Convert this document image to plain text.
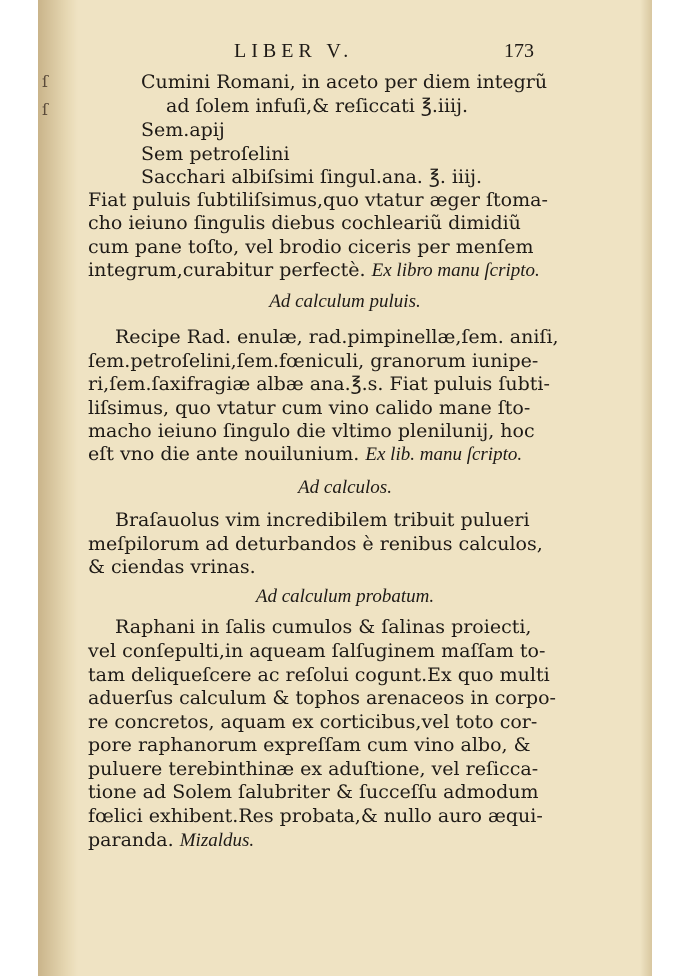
ſ
ſ
LIBER V.	173
Cumini Romani, in aceto per diem integrũ
ad ſolem infuſi,& reſiccati ℥.iiij.
Sem.apij
Sem petroſelini
Sacchari albiſsimi ſingul.ana. ℥. iiij.
Fiat puluis ſubtiliſsimus,quo vtatur æger ſtoma-
cho ieiuno ſingulis diebus cochleariũ dimidiũ
cum pane toſto, vel brodio ciceris per menſem
integrum,curabitur perfectè. Ex libro manu ſcripto.
Ad calculum puluis.
Recipe Rad. enulæ, rad.pimpinellæ,ſem. aniſi,
ſem.petroſelini,ſem.fœniculi, granorum iunipe-
ri,ſem.ſaxifragiæ albæ ana.℥.s. Fiat puluis ſubti-
liſsimus, quo vtatur cum vino calido mane ſto-
macho ieiuno ſingulo die vltimo plenilunij, hoc
eſt vno die ante nouilunium. Ex lib. manu ſcripto.
Ad calculos.
Braſauolus vim incredibilem tribuit pulueri
meſpilorum ad deturbandos è renibus calculos,
& ciendas vrinas.
Ad calculum probatum.
Raphani in ſalis cumulos & ſalinas proiecti,
vel conſepulti,in aqueam ſalſuginem maſſam to-
tam deliqueſcere ac reſolui cogunt.Ex quo multi
aduerſus calculum & tophos arenaceos in corpo-
re concretos, aquam ex corticibus,vel toto cor-
pore raphanorum expreſſam cum vino albo, &
puluere terebinthinæ ex aduſtione, vel reſicca-
tione ad Solem ſalubriter & ſucceſſu admodum
fœlici exhibent.Res probata,& nullo auro æqui-
paranda. Mizaldus.
